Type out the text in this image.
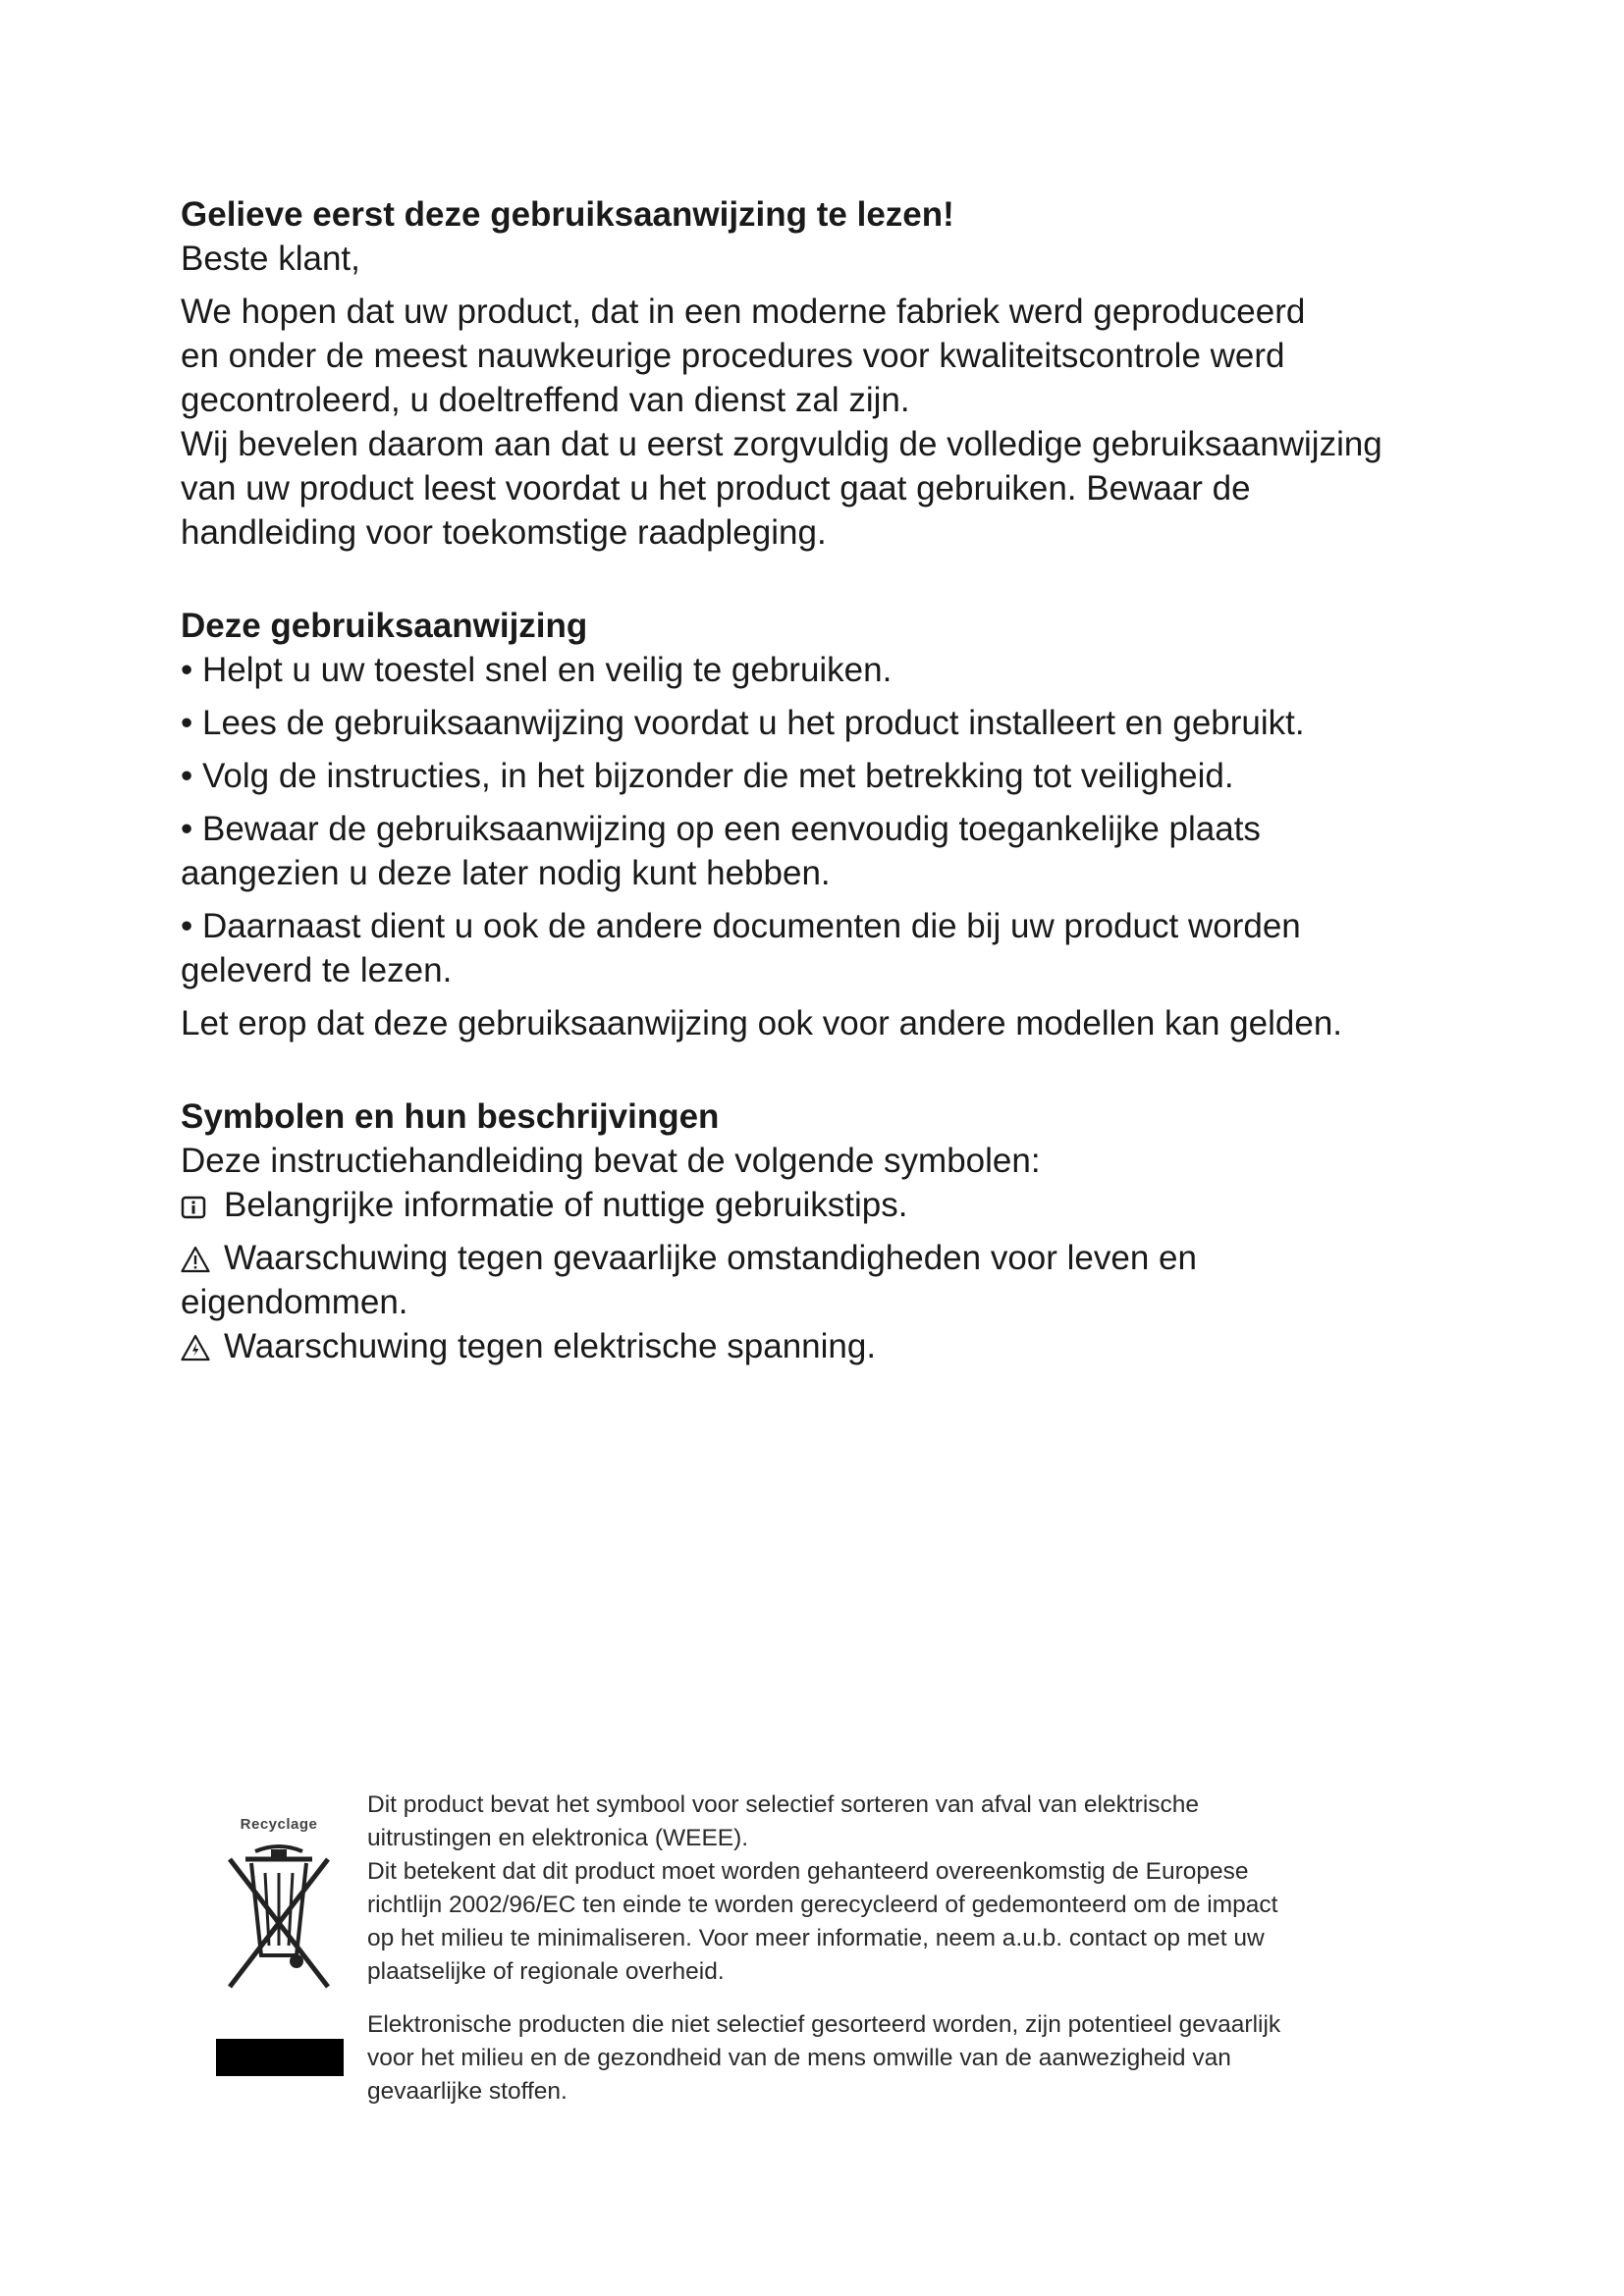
Gelieve eerst deze gebruiksaanwijzing te lezen!

Beste klant,

We hopen dat uw product, dat in een moderne fabriek werd geproduceerd

en onder de meest nauwkeurige procedures voor kwaliteitscontrole werd

gecontroleerd, u doeltreffend van dienst zal zijn.

Wij bevelen daarom aan dat u eerst zorgvuldig de volledige gebruiksaanwijzing

van uw product leest voordat u het product gaat gebruiken. Bewaar de

handleiding voor toekomstige raadpleging.

Deze gebruiksaanwijzing

• Helpt u uw toestel snel en veilig te gebruiken.

• Lees de gebruiksaanwijzing voordat u het product installeert en gebruikt.

• Volg de instructies, in het bijzonder die met betrekking tot veiligheid.

• Bewaar de gebruiksaanwijzing op een eenvoudig toegankelijke plaats

aangezien u deze later nodig kunt hebben.

• Daarnaast dient u ook de andere documenten die bij uw product worden

geleverd te lezen.

Let erop dat deze gebruiksaanwijzing ook voor andere modellen kan gelden.

Symbolen en hun beschrijvingen

Deze instructiehandleiding bevat de volgende symbolen:

Belangrijke informatie of nuttige gebruikstips.

Waarschuwing tegen gevaarlijke omstandigheden voor leven en

eigendommen.

Waarschuwing tegen elektrische spanning.
Recyclage

Dit product bevat het symbool voor selectief sorteren van afval van elektrische

uitrustingen en elektronica (WEEE).

Dit betekent dat dit product moet worden gehanteerd overeenkomstig de Europese

richtlijn 2002/96/EC ten einde te worden gerecycleerd of gedemonteerd om de impact

op het milieu te minimaliseren. Voor meer informatie, neem a.u.b. contact op met uw

plaatselijke of regionale overheid.

Elektronische producten die niet selectief gesorteerd worden, zijn potentieel gevaarlijk

voor het milieu en de gezondheid van de mens omwille van de aanwezigheid van

gevaarlijke stoffen.
